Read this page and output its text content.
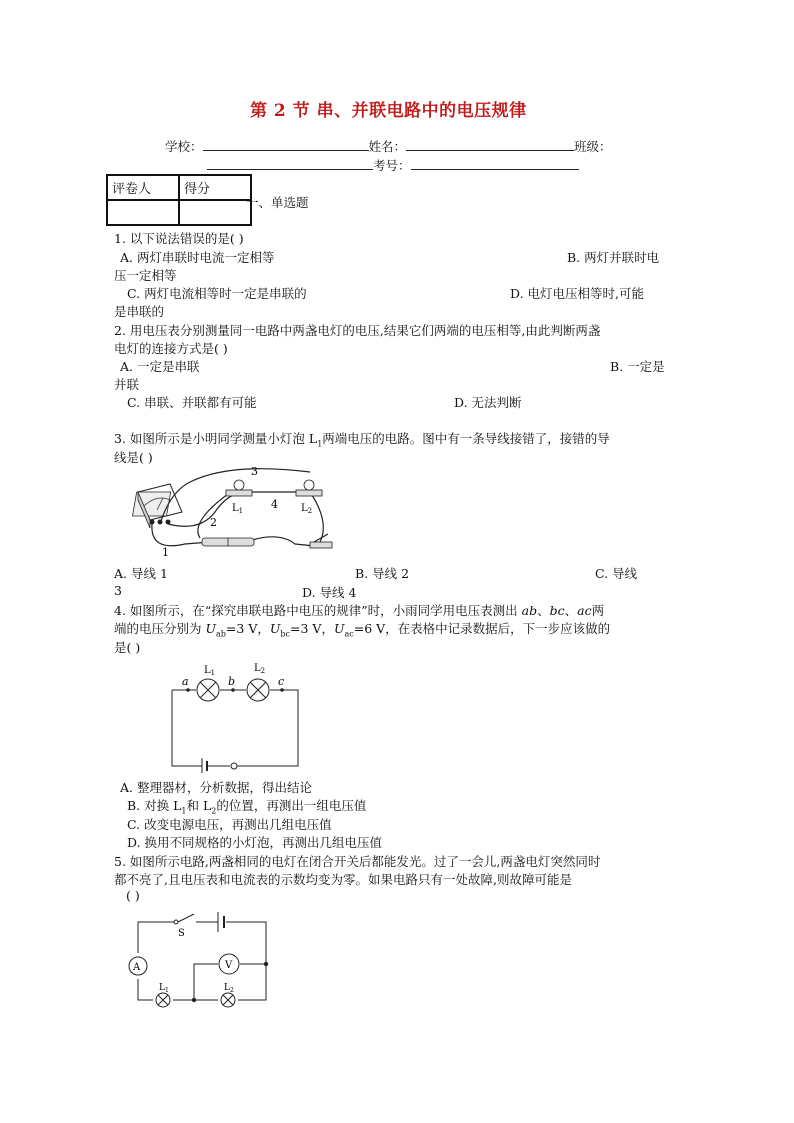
第 2 节 串、并联电路中的电压规律
学校：	姓名：	班级：
考号：
评卷人	得分

一、单选题
1. 以下说法错误的是( )
A. 两灯串联时电流一定相等	B. 两灯并联时电
压一定相等
C. 两灯电流相等时一定是串联的	D. 电灯电压相等时,可能
是串联的
2. 用电压表分别测量同一电路中两盏电灯的电压,结果它们两端的电压相等,由此判断两盏
电灯的连接方式是( )
A. 一定是串联	B. 一定是
并联
C. 串联、并联都有可能	D. 无法判断
3. 如图所示是小明同学测量小灯泡 $L_1$两端电压的电路。图中有一条导线接错了，接错的导
线是( )
3
4
2
1
$L_1$	$L_2$
A. 导线 1	B. 导线 2	C. 导线
3	D. 导线 4
4. 如图所示，在“探究串联电路中电压的规律”时，小雨同学用电压表测出 ab、bc、ac两
端的电压分别为 $U_{ab}=3$ V，$U_{bc}=3$ V，$U_{ac}=6$ V，在表格中记录数据后，下一步应该做的
是( )
a	b	c
$L_1$	$L_2$
A. 整理器材，分析数据，得出结论
B. 对换 $L_1$和 $L_2$的位置，再测出一组电压值
C. 改变电源电压，再测出几组电压值
D. 换用不同规格的小灯泡，再测出几组电压值
5. 如图所示电路,两盏相同的电灯在闭合开关后都能发光。过了一会儿,两盏电灯突然同时
都不亮了,且电压表和电流表的示数均变为零。如果电路只有一处故障,则故障可能是
( )
A	V
S
$L_1$	$L_2$
